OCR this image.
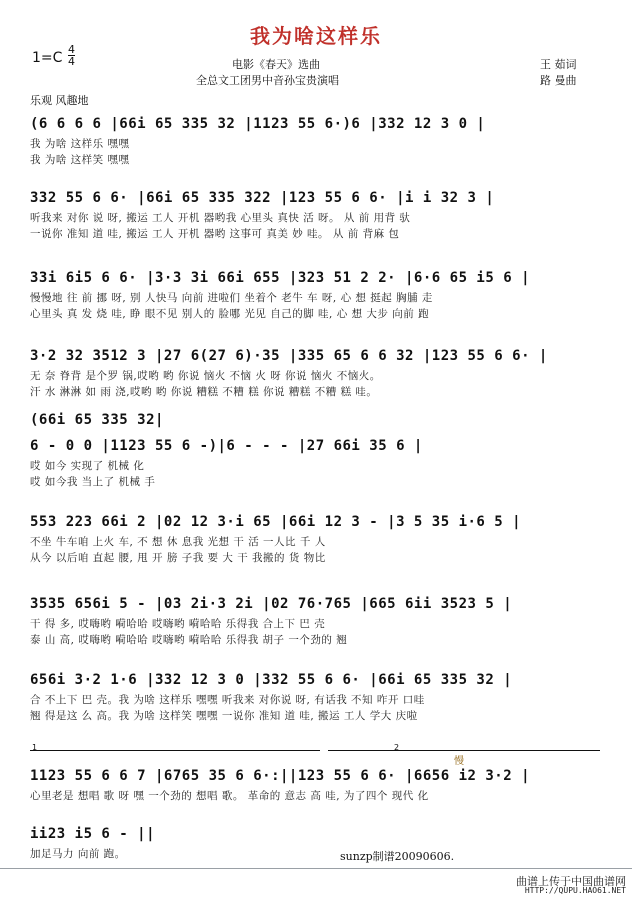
我为啥这样乐
$1=C \frac{4}{4}$	电影《春天》选曲
全总文工团男中音孙宝贵演唱
王 茹词
路 曼曲
乐观 风趣地
(6 6 6 6 |66i 65 335 32 |1123 55 6·)6 |332 12 3 0 |
我 为啥 这样乐 嘿嘿
我 为啥 这样笑 嘿嘿
332 55 6 6· |66i 65 335 322 |123 55 6 6· |i i 32 3 |
听我来 对你 说 呀, 搬运 工人 开机 器哟我 心里头 真快 活 呀。 从 前 用背 驮
一说你 准知 道 哇, 搬运 工人 开机 器哟 这事可 真美 妙 哇。 从 前 背麻 包
33i 6i5 6 6· |3·3 3i 66i 655 |323 51 2 2· |6·6 65 i5 6 |
慢慢地 往 前 挪 呀, 别 人快马 向前 进啦们 坐着个 老牛 车 呀, 心 想 挺起 胸脯 走
心里头 真 发 烧 哇, 睁 眼不见 别人的 脸哪 光见 自己的脚 哇, 心 想 大步 向前 跑
3·2 32 3512 3 |27 6(27 6)·35 |335 65 6 6 32 |123 55 6 6· |
无 奈 脊背 是个罗 锅,哎哟 哟 你说 恼火 不恼 火 呀 你说 恼火 不恼火。
汗 水 淋淋 如 雨 浇,哎哟 哟 你说 糟糕 不糟 糕 你说 糟糕 不糟 糕 哇。
(66i 65 335 32|
6 - 0 0 |1123 55 6 -)|6 - - - |27 66i 35 6 |
哎 如今 实现了 机械 化
哎 如今我 当上了 机械 手
553 223 66i 2 |02 12 3·i 65 |66i 12 3 - |3 5 35 i·6 5 |
不坐 牛车咱 上火 车, 不 想 休 息我 光想 干 活 一人比 千 人
从今 以后咱 直起 腰, 甩 开 膀 子我 要 大 干 我搬的 货 物比
3535 656i 5 - |03 2i·3 2i |02 76·765 |665 6ii 3523 5 |
干 得 多, 哎嗨哟 嗬哈哈 哎嗨哟 嗬哈哈 乐得我 合上下 巴 壳
泰 山 高, 哎嗨哟 嗬哈哈 哎嗨哟 嗬哈哈 乐得我 胡子 一个劲的 翘
656i 3·2 1·6 |332 12 3 0 |332 55 6 6· |66i 65 335 32 |
合 不上下 巴 壳。我 为啥 这样乐 嘿嘿 听我来 对你说 呀, 有话我 不知 咋开 口哇
翘 得是这 么 高。我 为啥 这样笑 嘿嘿 一说你 准知 道 哇, 搬运 工人 学大 庆啦
1	2
慢
1123 55 6 6 7 |6765 35 6 6·:||123 55 6 6· |6656 i2 3·2 |
心里老是 想唱 歌 呀 嘿 一个劲的 想唱 歌。 革命的 意志 高 哇, 为了四个 现代 化
ii23 i5 6 - ||
加足马力 向前 跑。	sunzp制谱20090606.
曲谱上传于中国曲谱网
HTTP://QUPU.HAO61.NET
